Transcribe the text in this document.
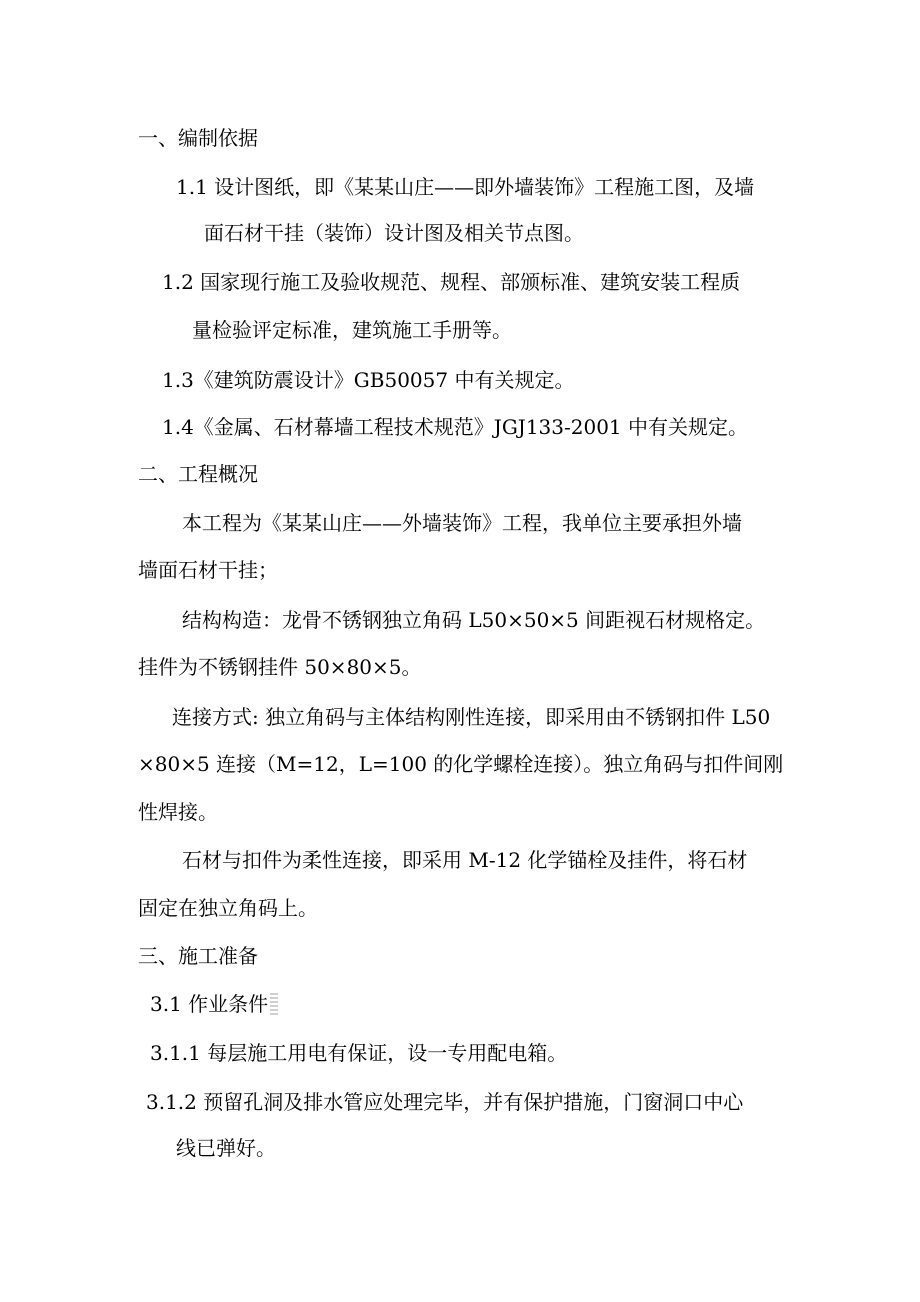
一、编制依据
1.1 设计图纸，即《某某山庄——即外墙装饰》工程施工图，及墙
面石材干挂（装饰）设计图及相关节点图。
1.2 国家现行施工及验收规范、规程、部颁标准、建筑安装工程质
量检验评定标准，建筑施工手册等。
1.3《建筑防震设计》GB50057 中有关规定。
1.4《金属、石材幕墙工程技术规范》JGJ133-2001 中有关规定。
二、工程概况
本工程为《某某山庄——外墙装饰》工程，我单位主要承担外墙
墙面石材干挂；
结构构造：龙骨不锈钢独立角码 L50×50×5 间距视石材规格定。
挂件为不锈钢挂件 50×80×5。
连接方式: 独立角码与主体结构刚性连接，即采用由不锈钢扣件 L50
×80×5 连接（M=12，L=100 的化学螺栓连接）。独立角码与扣件间刚
性焊接。
石材与扣件为柔性连接，即采用 M-12 化学锚栓及挂件，将石材
固定在独立角码上。
三、施工准备
3.1 作业条件
3.1.1 每层施工用电有保证，设一专用配电箱。
3.1.2 预留孔洞及排水管应处理完毕，并有保护措施，门窗洞口中心
线已弹好。
